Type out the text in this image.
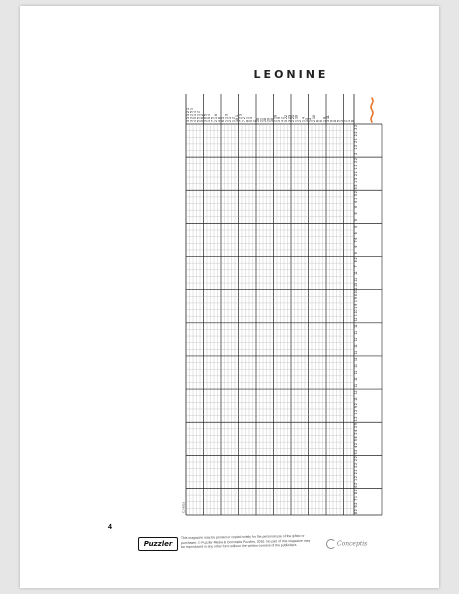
LEONINE
3 3 3 2 1 3 3 2 5 1 4 5 1 4 5 5 1 2 5 6 2 3 6 5 1 5 4 7 5 2 1 6 4 6 6 1 1 1 3 2 1 1 2 10 1 7 2 3 7 2 8 1 5 3 2 20 21 28 29 30 2 19 3 9 4 2 5 22 3 23 2 21 1 16 2 1 4 13 14 2 10 8 6 1 9 3 11 9 8 5 3 2 1 6
2 2
2 2
2 1
1 2
2
2 2
1 1
2 1
1 3
3 5
5 2
6 1
6
6
6
6
6
7 6
6
6
6 2
7
11
11
1 13
4 10
1 9
1 9
1 10
11
11
11
11
11
11
11
11
11
11
11
11
11
9 2
1 2
1 2
2 5
2 4
5 4
4 2
5 2
2 2
2 2
2 1
1 2
6 2
8 1
7 1
6 2
8 2
CJ 9016
4
Puzzler
This magazine may be printed or copied solely for the personal use of the giftee or purchaser. © Puzzler Media & Conceptis Puzzles, 2010. No part of this magazine may be reproduced in any other form without the written consent of the publishers.	Conceptis
